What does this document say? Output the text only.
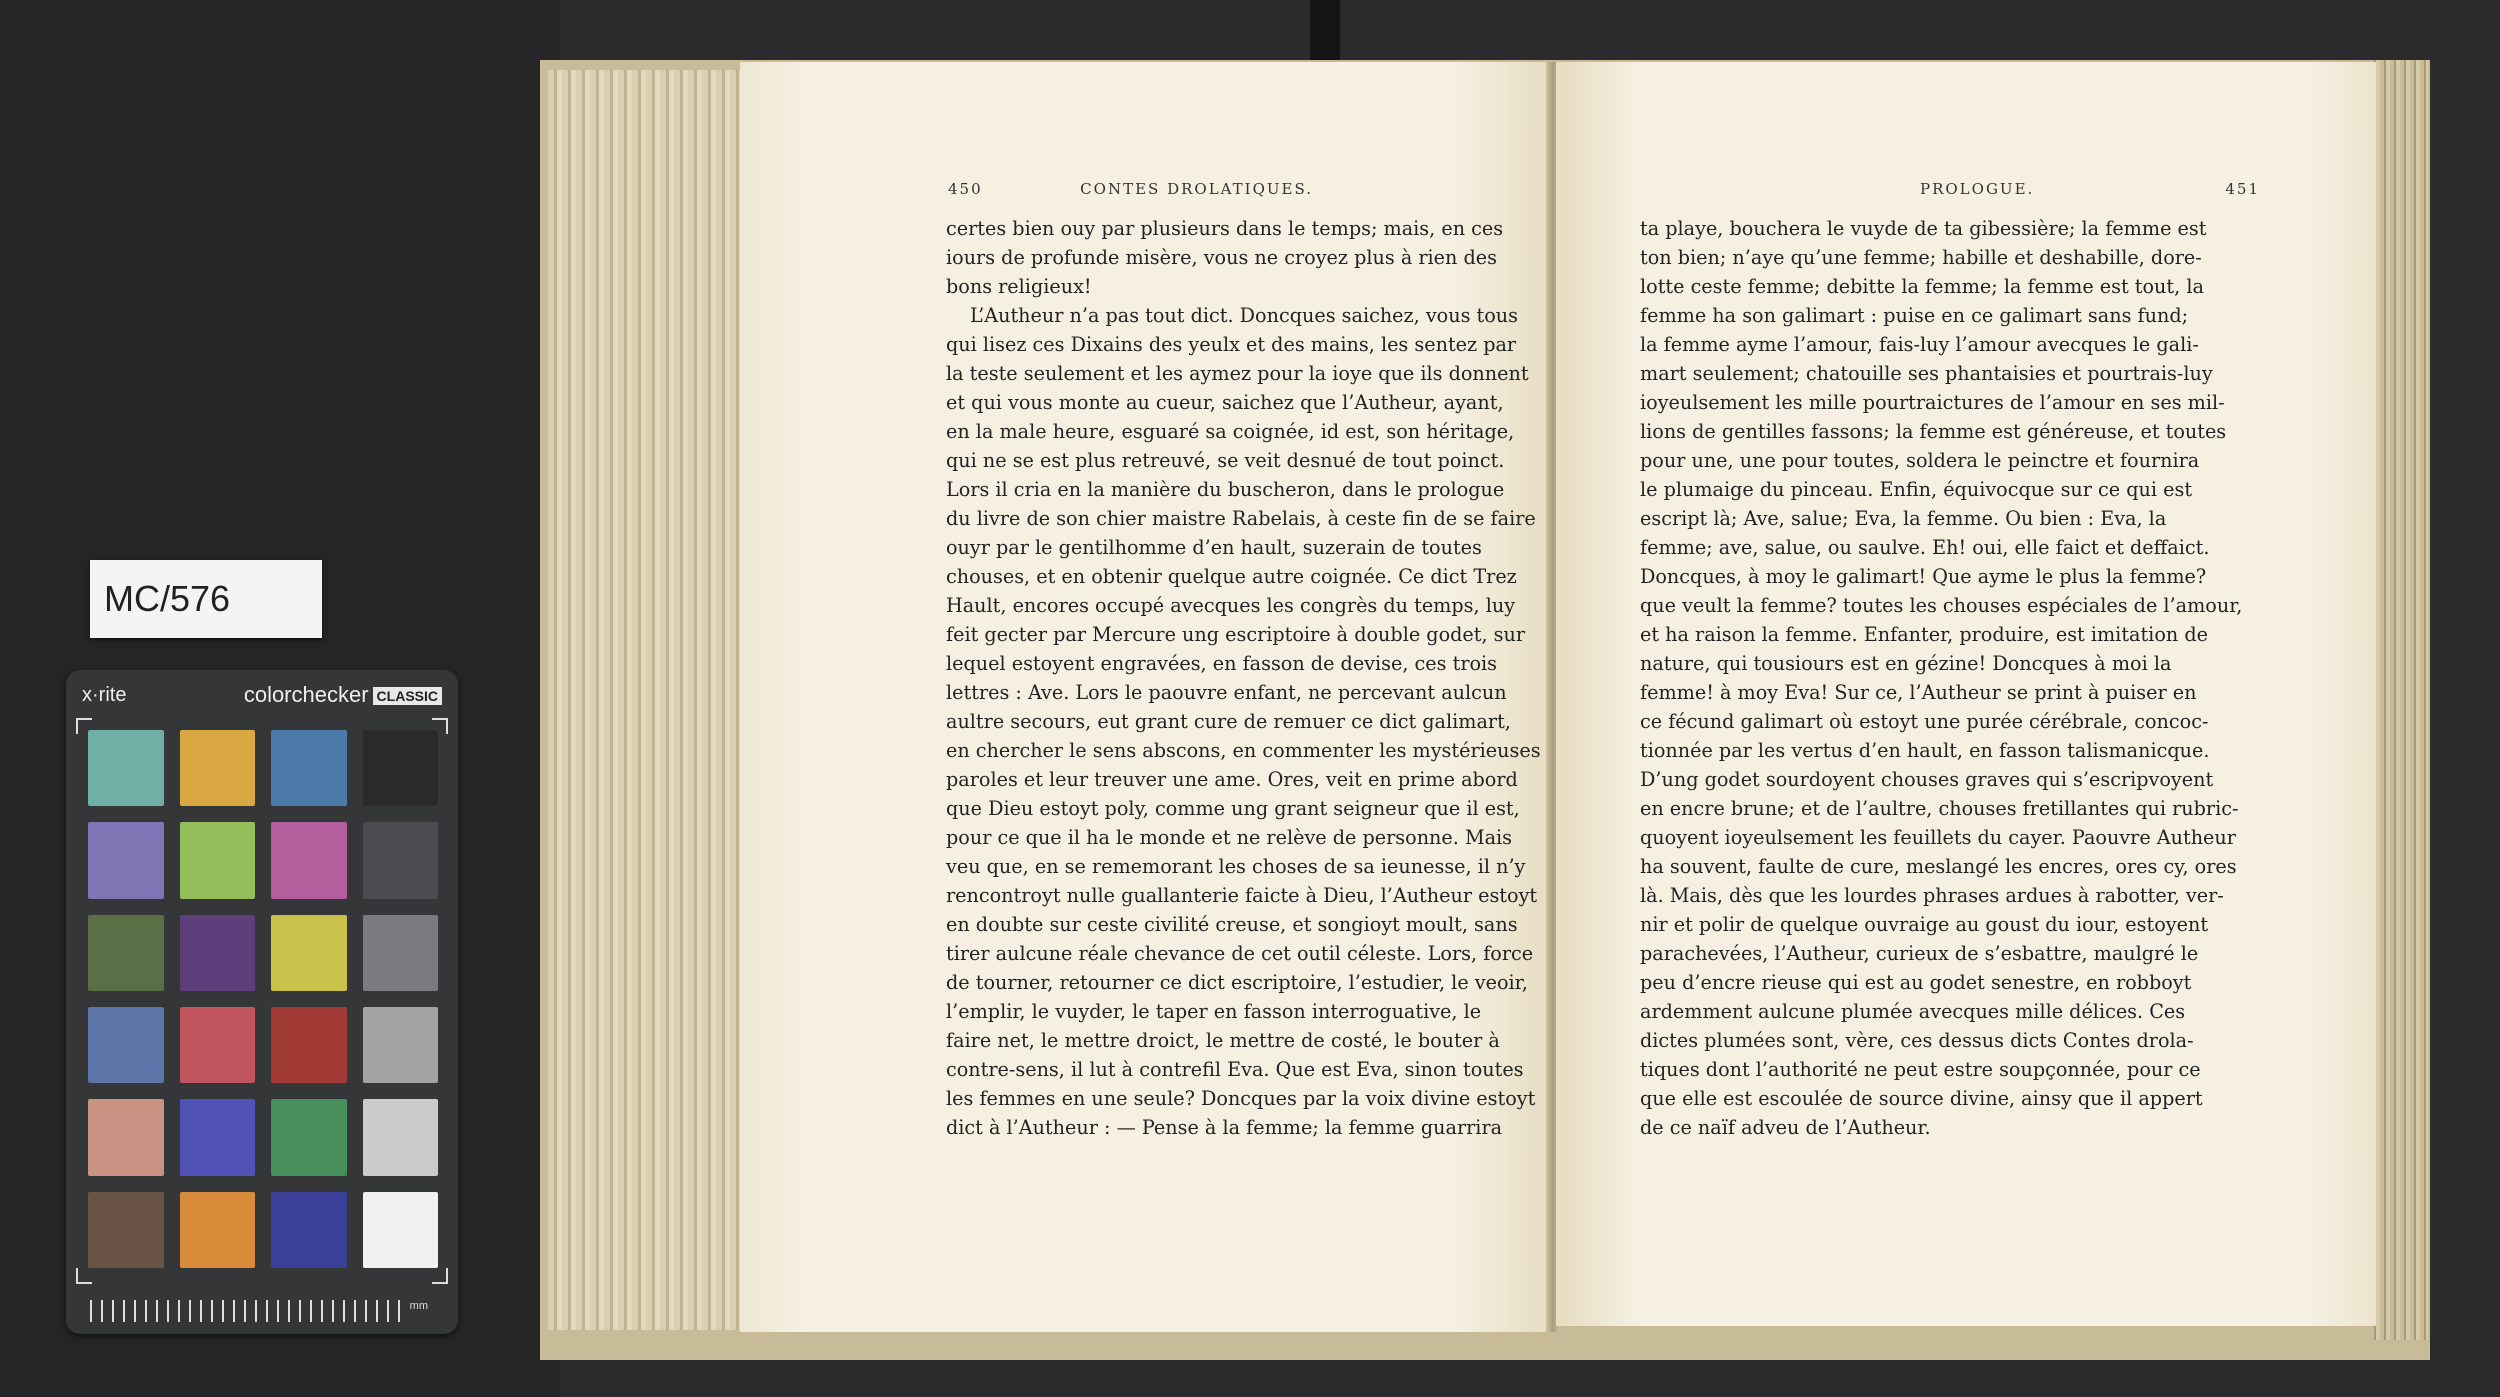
MC/576
x·rite	colorchecker CLASSIC
mm
450	CONTES DROLATIQUES.
certes bien ouy par plusieurs dans le temps; mais, en ces
iours de profunde misère, vous ne croyez plus à rien des
bons religieux!
L’Autheur n’a pas tout dict. Doncques saichez, vous tous
qui lisez ces Dixains des yeulx et des mains, les sentez par
la teste seulement et les aymez pour la ioye que ils donnent
et qui vous monte au cueur, saichez que l’Autheur, ayant,
en la male heure, esguaré sa coignée, id est, son héritage,
qui ne se est plus retreuvé, se veit desnué de tout poinct.
Lors il cria en la manière du buscheron, dans le prologue
du livre de son chier maistre Rabelais, à ceste fin de se faire
ouyr par le gentilhomme d’en hault, suzerain de toutes
chouses, et en obtenir quelque autre coignée. Ce dict Trez
Hault, encores occupé avecques les congrès du temps, luy
feit gecter par Mercure ung escriptoire à double godet, sur
lequel estoyent engravées, en fasson de devise, ces trois
lettres : Ave. Lors le paouvre enfant, ne percevant aulcun
aultre secours, eut grant cure de remuer ce dict galimart,
en chercher le sens abscons, en commenter les mystérieuses
paroles et leur treuver une ame. Ores, veit en prime abord
que Dieu estoyt poly, comme ung grant seigneur que il est,
pour ce que il ha le monde et ne relève de personne. Mais
veu que, en se rememorant les choses de sa ieunesse, il n’y
rencontroyt nulle guallanterie faicte à Dieu, l’Autheur estoyt
en doubte sur ceste civilité creuse, et songioyt moult, sans
tirer aulcune réale chevance de cet outil céleste. Lors, force
de tourner, retourner ce dict escriptoire, l’estudier, le veoir,
l’emplir, le vuyder, le taper en fasson interroguative, le
faire net, le mettre droict, le mettre de costé, le bouter à
contre-sens, il lut à contrefil Eva. Que est Eva, sinon toutes
les femmes en une seule? Doncques par la voix divine estoyt
dict à l’Autheur : — Pense à la femme; la femme guarrira
PROLOGUE.	451
ta playe, bouchera le vuyde de ta gibessière; la femme est
ton bien; n’aye qu’une femme; habille et deshabille, dore-
lotte ceste femme; debitte la femme; la femme est tout, la
femme ha son galimart : puise en ce galimart sans fund;
la femme ayme l’amour, fais-luy l’amour avecques le gali-
mart seulement; chatouille ses phantaisies et pourtrais-luy
ioyeulsement les mille pourtraictures de l’amour en ses mil-
lions de gentilles fassons; la femme est généreuse, et toutes
pour une, une pour toutes, soldera le peinctre et fournira
le plumaige du pinceau. Enfin, équivocque sur ce qui est
escript là; Ave, salue; Eva, la femme. Ou bien : Eva, la
femme; ave, salue, ou saulve. Eh! oui, elle faict et deffaict.
Doncques, à moy le galimart! Que ayme le plus la femme?
que veult la femme? toutes les chouses espéciales de l’amour,
et ha raison la femme. Enfanter, produire, est imitation de
nature, qui tousiours est en gézine! Doncques à moi la
femme! à moy Eva! Sur ce, l’Autheur se print à puiser en
ce fécund galimart où estoyt une purée cérébrale, concoc-
tionnée par les vertus d’en hault, en fasson talismanicque.
D’ung godet sourdoyent chouses graves qui s’escripvoyent
en encre brune; et de l’aultre, chouses fretillantes qui rubric-
quoyent ioyeulsement les feuillets du cayer. Paouvre Autheur
ha souvent, faulte de cure, meslangé les encres, ores cy, ores
là. Mais, dès que les lourdes phrases ardues à rabotter, ver-
nir et polir de quelque ouvraige au goust du iour, estoyent
parachevées, l’Autheur, curieux de s’esbattre, maulgré le
peu d’encre rieuse qui est au godet senestre, en robboyt
ardemment aulcune plumée avecques mille délices. Ces
dictes plumées sont, vère, ces dessus dicts Contes drola-
tiques dont l’authorité ne peut estre soupçonnée, pour ce
que elle est escoulée de source divine, ainsy que il appert
de ce naïf adveu de l’Autheur.
